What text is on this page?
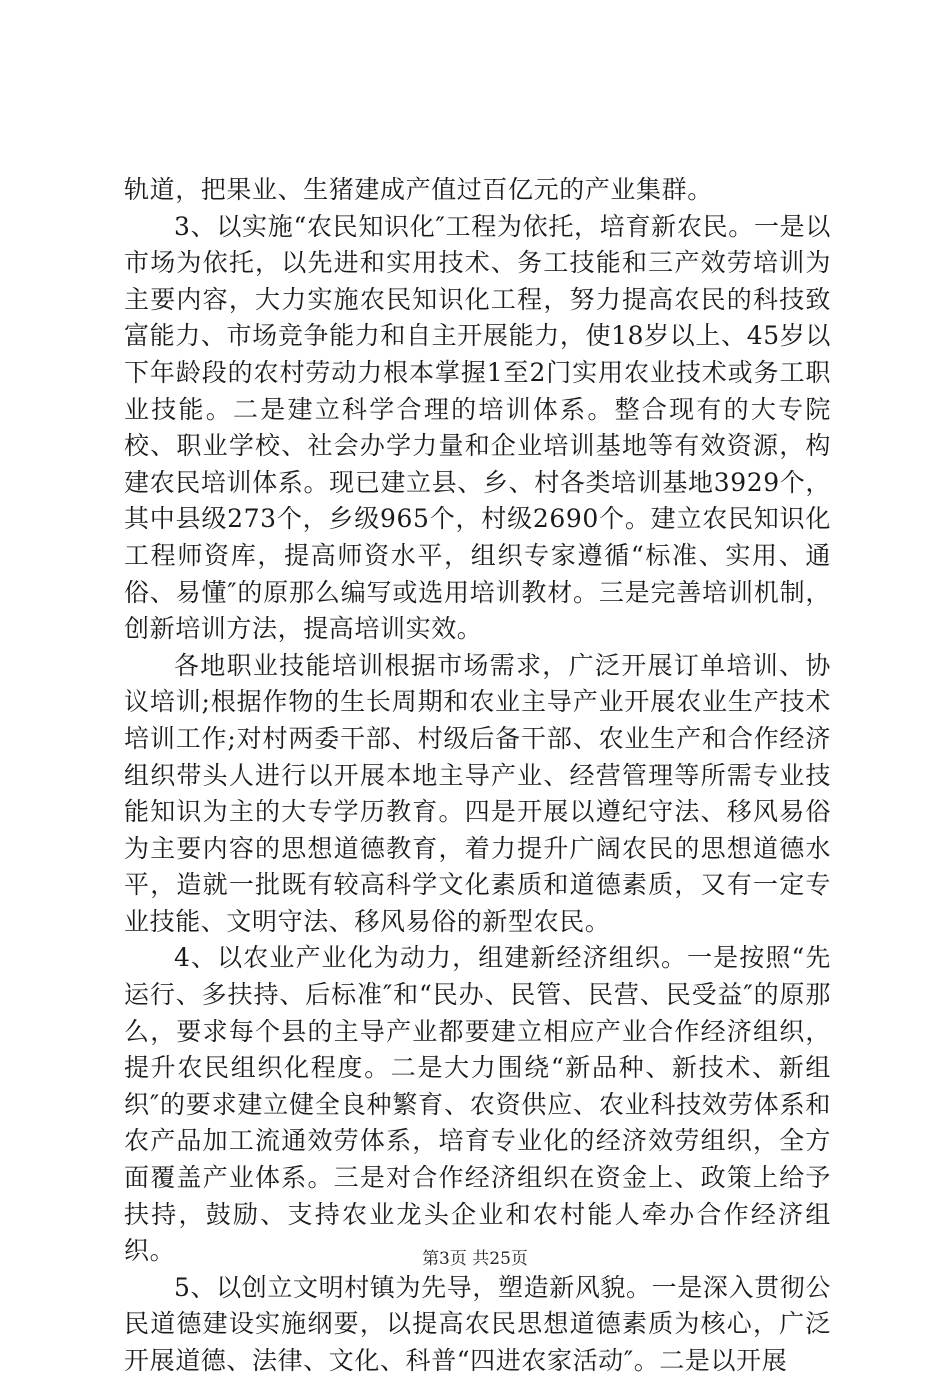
轨道，把果业、生猪建成产值过百亿元的产业集群。

3、以实施“农民知识化″工程为依托，培育新农民。一是以市场为依托，以先进和实用技术、务工技能和三产效劳培训为主要内容，大力实施农民知识化工程，努力提高农民的科技致富能力、市场竞争能力和自主开展能力，使18岁以上、45岁以下年龄段的农村劳动力根本掌握1至2门实用农业技术或务工职业技能。二是建立科学合理的培训体系。整合现有的大专院校、职业学校、社会办学力量和企业培训基地等有效资源，构建农民培训体系。现已建立县、乡、村各类培训基地3929个，其中县级273个，乡级965个，村级2690个。建立农民知识化工程师资库，提高师资水平，组织专家遵循“标准、实用、通俗、易懂″的原那么编写或选用培训教材。三是完善培训机制，创新培训方法，提高培训实效。

各地职业技能培训根据市场需求，广泛开展订单培训、协议培训;根据作物的生长周期和农业主导产业开展农业生产技术培训工作;对村两委干部、村级后备干部、农业生产和合作经济组织带头人进行以开展本地主导产业、经营管理等所需专业技能知识为主的大专学历教育。四是开展以遵纪守法、移风易俗为主要内容的思想道德教育，着力提升广阔农民的思想道德水平，造就一批既有较高科学文化素质和道德素质，又有一定专业技能、文明守法、移风易俗的新型农民。

4、以农业产业化为动力，组建新经济组织。一是按照“先运行、多扶持、后标准″和“民办、民管、民营、民受益″的原那么，要求每个县的主导产业都要建立相应产业合作经济组织，提升农民组织化程度。二是大力围绕“新品种、新技术、新组织″的要求建立健全良种繁育、农资供应、农业科技效劳体系和农产品加工流通效劳体系，培育专业化的经济效劳组织，全方面覆盖产业体系。三是对合作经济组织在资金上、政策上给予扶持，鼓励、支持农业龙头企业和农村能人牵办合作经济组织。

5、以创立文明村镇为先导，塑造新风貌。一是深入贯彻公民道德建设实施纲要，以提高农民思想道德素质为核心，广泛开展道德、法律、文化、科普“四进农家活动″。二是以开展

第3页 共25页
